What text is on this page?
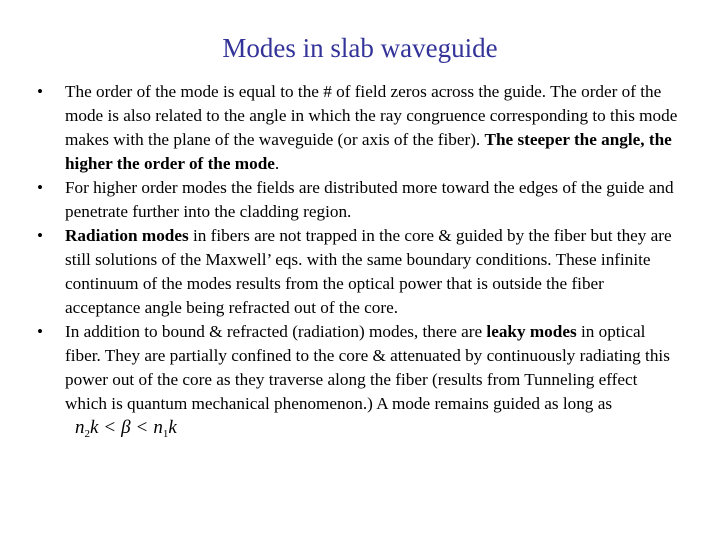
Modes in slab waveguide
•	The order of the mode is equal to the # of field zeros across the guide. The order of the mode is also related to the angle in which the ray congruence corresponding to this mode makes with the plane of the waveguide (or axis of the fiber). The steeper the angle, the higher the order of the mode.
•	For higher order modes the fields are distributed more toward the edges of the guide and penetrate further into the cladding region.
•	Radiation modes in fibers are not trapped in the core & guided by the fiber but they are still solutions of the Maxwell’ eqs. with the same boundary conditions. These infinite continuum of the modes results from the optical power that is outside the fiber acceptance angle being refracted out of the core.
•	In addition to bound & refracted (radiation) modes, there are leaky modes in optical fiber. They are partially confined to the core & attenuated by continuously radiating this power out of the core as they traverse along the fiber (results from Tunneling effect which is quantum mechanical phenomenon.) A mode remains guided as long as $n_2k < \beta < n_1k$
